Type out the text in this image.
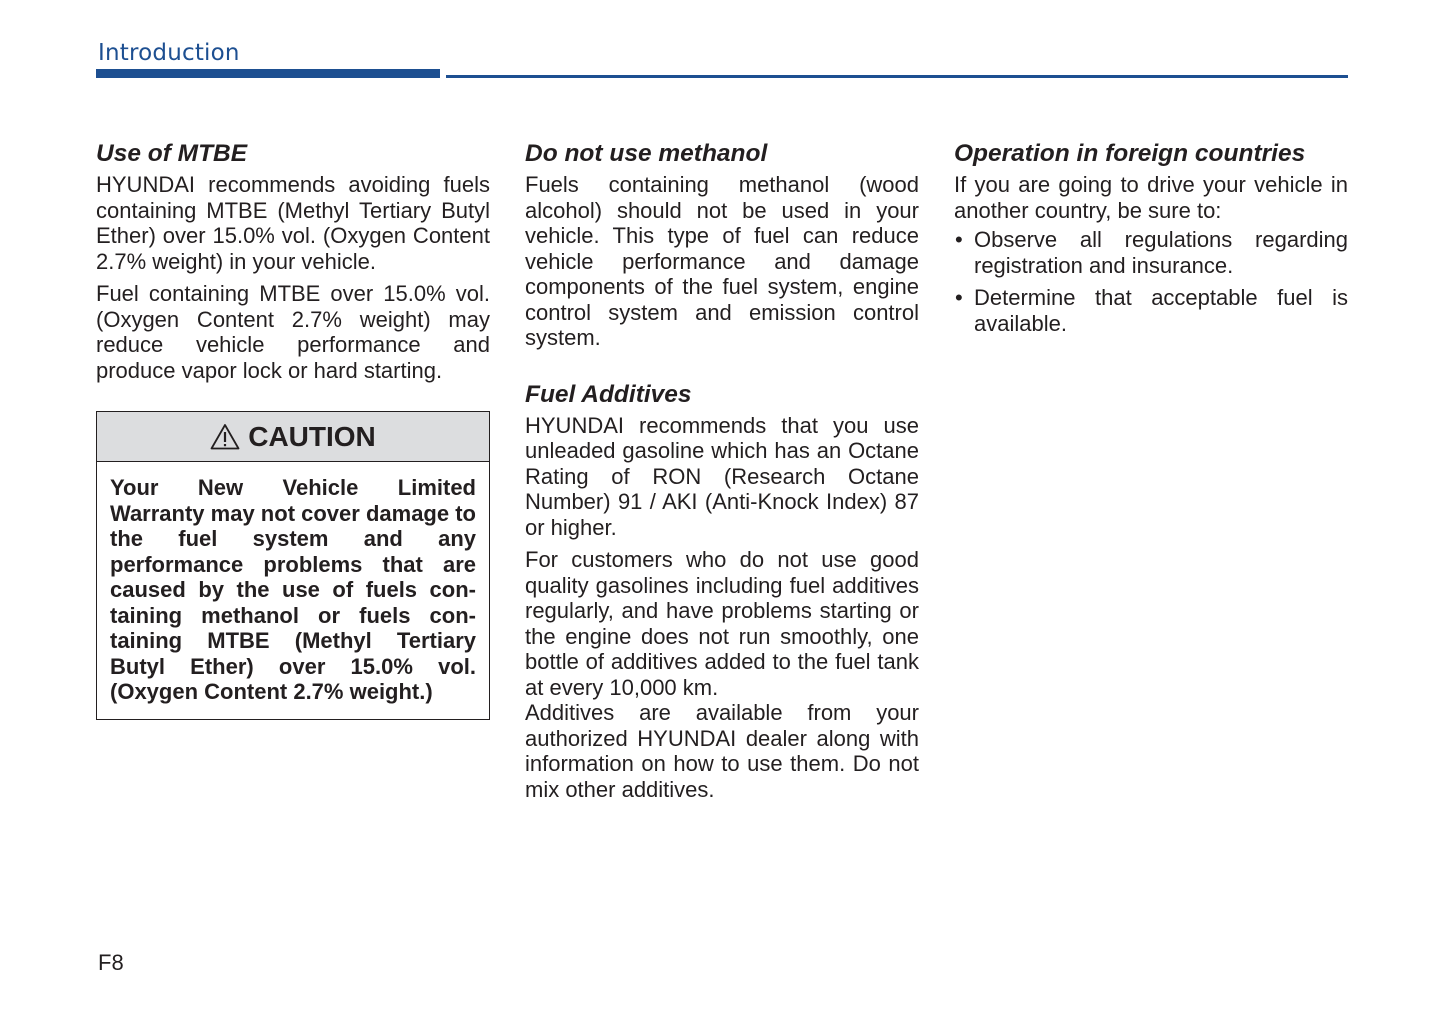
Introduction
Use of MTBE

HYUNDAI recommends avoiding fuels containing MTBE (Methyl Tertiary Butyl Ether) over 15.0% vol. (Oxygen Content 2.7% weight) in your vehicle.

Fuel containing MTBE over 15.0% vol. (Oxygen Content 2.7% weight) may reduce vehicle performance and produce vapor lock or hard starting.

CAUTION
Your New Vehicle Limited Warranty may not cover damage to the fuel system and any performance problems that are caused by the use of fuels containing methanol or fuels containing MTBE (Methyl Tertiary Butyl Ether) over 15.0% vol. (Oxygen Content 2.7% weight.)
Do not use methanol

Fuels containing methanol (wood alcohol) should not be used in your vehicle. This type of fuel can reduce vehicle performance and damage components of the fuel system, engine control system and emission control system.

Fuel Additives

HYUNDAI recommends that you use unleaded gasoline which has an Octane Rating of RON (Research Octane Number) 91 / AKI (Anti-Knock Index) 87 or higher.

For customers who do not use good quality gasolines including fuel additives regularly, and have problems starting or the engine does not run smoothly, one bottle of additives added to the fuel tank at every 10,000 km.

Additives are available from your authorized HYUNDAI dealer along with information on how to use them. Do not mix other additives.

Operation in foreign countries

If you are going to drive your vehicle in another country, be sure to:

• Observe all regulations regarding registration and insurance.
• Determine that acceptable fuel is available.
F8
